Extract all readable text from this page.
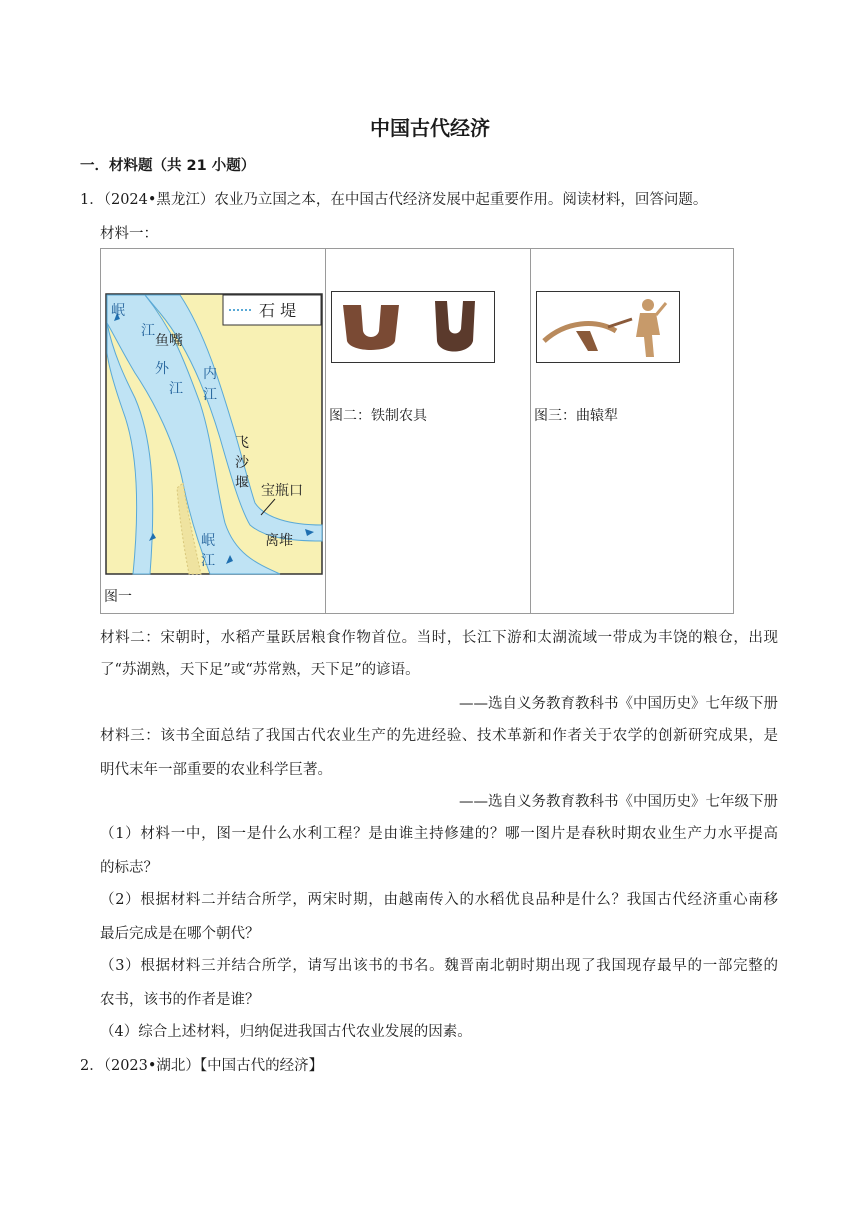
中国古代经济
一．材料题（共 21 小题）
1．（2024•黑龙江）农业乃立国之本，在中国古代经济发展中起重要作用。阅读材料，回答问题。
材料一：
石 堤
岷
江
鱼嘴
外
江
内
江
飞
沙
堰 宝瓶口
岷
江
离堆
图一

图二：铁制农具	图三：曲辕犁
材料二：宋朝时，水稻产量跃居粮食作物首位。当时，长江下游和太湖流域一带成为丰饶的粮仓，出现
了“苏湖熟，天下足”或“苏常熟，天下足”的谚语。
——选自义务教育教科书《中国历史》七年级下册
材料三：该书全面总结了我国古代农业生产的先进经验、技术革新和作者关于农学的创新研究成果，是
明代末年一部重要的农业科学巨著。
——选自义务教育教科书《中国历史》七年级下册
（1）材料一中，图一是什么水利工程？是由谁主持修建的？哪一图片是春秋时期农业生产力水平提高
的标志？
（2）根据材料二并结合所学，两宋时期，由越南传入的水稻优良品种是什么？我国古代经济重心南移
最后完成是在哪个朝代？
（3）根据材料三并结合所学，请写出该书的书名。魏晋南北朝时期出现了我国现存最早的一部完整的
农书，该书的作者是谁？
（4）综合上述材料，归纳促进我国古代农业发展的因素。
2．（2023•湖北）【中国古代的经济】
